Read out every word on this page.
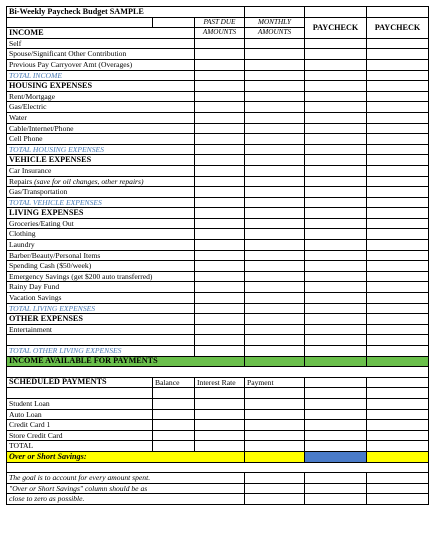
Bi-Weekly Paycheck Budget SAMPLE					

		PAST DUE	MONTHLY	PAYCHECK	PAYCHECK
INCOME		AMOUNTS	AMOUNTS		
Self					
Spouse/Significant Other Contribution					
Previous Pay Carryover Amt (Overages)					
TOTAL INCOME					
HOUSING EXPENSES					
Rent/Mortgage					
Gas/Electric					
Water					
Cable/Internet/Phone					
Cell Phone					
TOTAL HOUSING EXPENSES					
VEHICLE EXPENSES					
Car Insurance					
Repairs (save for oil changes, other repairs)					
Gas/Transportation					
TOTAL VEHICLE EXPENSES					
LIVING EXPENSES					
Groceries/Eating Out					
Clothing					
Laundry					
Barber/Beauty/Personal Items					
Spending Cash ($50/week)					
Emergency Savings (get $200 auto transferred)					
Rainy Day Fund					
Vacation Savings					
TOTAL LIVING EXPENSES					
OTHER EXPENSES					
Entertainment					

TOTAL OTHER LIVING EXPENSES					
INCOME AVAILABLE FOR PAYMENTS					

SCHEDULED PAYMENTS	Balance	Interest Rate	Payment		

Student Loan					
Auto Loan					
Credit Card 1					
Store Credit Card					
TOTAL					
Over or Short Savings:					

The goal is to account for every amount spent.					
"Over or Short Savings" column should be as					
close to zero as possible.					
